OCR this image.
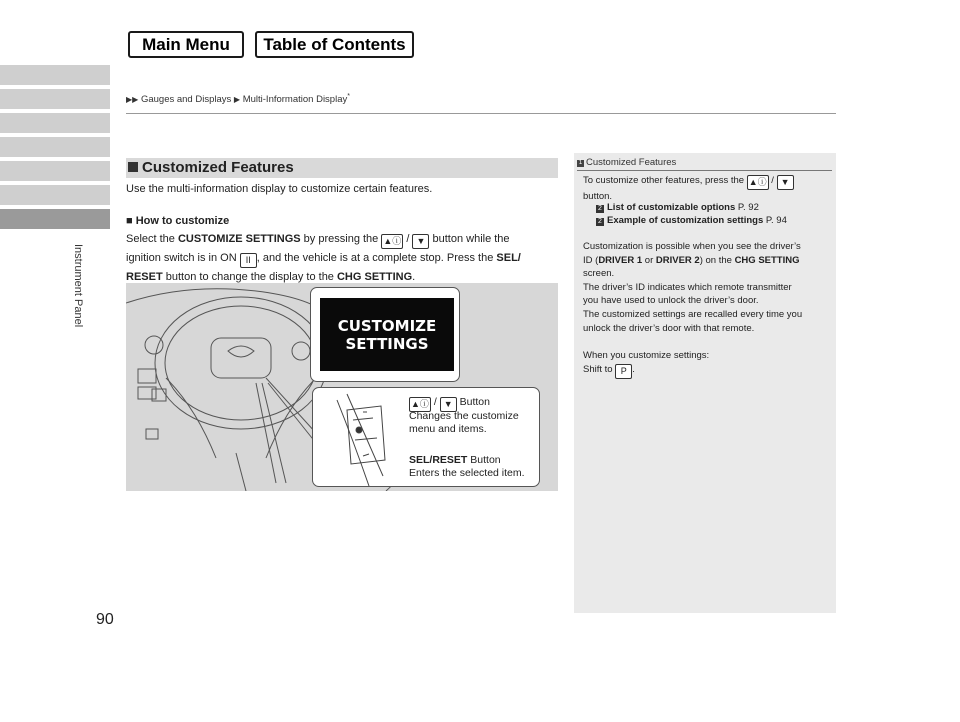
Main Menu	Table of Contents
Instrument Panel
90
▶▶ Gauges and Displays ▶ Multi-Information Display*
Customized Features
Use the multi-information display to customize certain features.
■ How to customize
Select the CUSTOMIZE SETTINGS by pressing the ▲ⓘ / ▼ button while the
ignition switch is in ON II , and the vehicle is at a complete stop. Press the SEL/
RESET button to change the display to the CHG SETTING.
CUSTOMIZE
SETTINGS
▲ⓘ / ▼ Button
Changes the customize
menu and items.
SEL/RESET Button
Enters the selected item.
1 Customized Features
To customize other features, press the ▲ⓘ / ▼
button.
2 List of customizable options P. 92
2 Example of customization settings P. 94
Customization is possible when you see the driver’s
ID (DRIVER 1 or DRIVER 2) on the CHG SETTING
screen.
The driver’s ID indicates which remote transmitter
you have used to unlock the driver’s door.
The customized settings are recalled every time you
unlock the driver’s door with that remote.
When you customize settings:
Shift to P .
